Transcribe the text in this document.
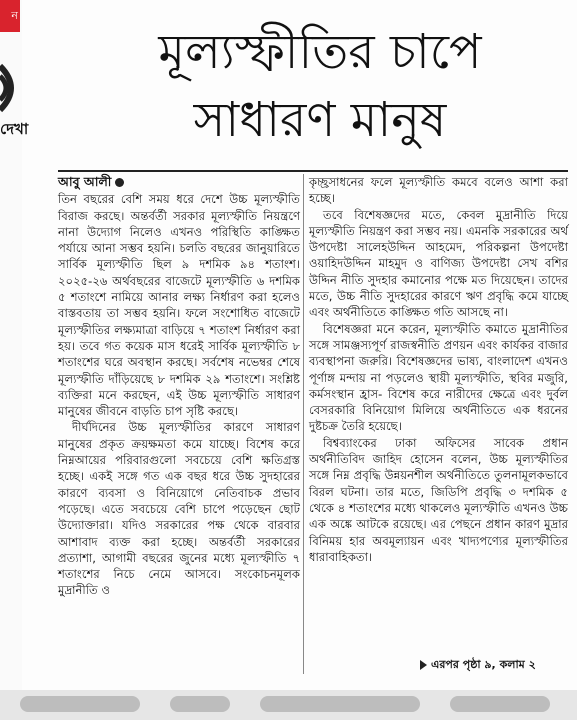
ন
দেখা
মূল্যস্ফীতির চাপে
সাধারণ মানুষ
আবু আলী

তিন বছরের বেশি সময় ধরে দেশে উচ্চ মূল্যস্ফীতি বিরাজ করছে। অন্তর্বর্তী সরকার মূল্যস্ফীতি নিয়ন্ত্রণে নানা উদ্যোগ নিলেও এখনও পরিস্থিতি কাঙ্ক্ষিত পর্যায়ে আনা সম্ভব হয়নি। চলতি বছরের জানুয়ারিতে সার্বিক মূল্যস্ফীতি ছিল ৯ দশমিক ৯৪ শতাংশ। ২০২৫-২৬ অর্থবছরের বাজেটে মূল্যস্ফীতি ৬ দশমিক ৫ শতাংশে নামিয়ে আনার লক্ষ্য নির্ধারণ করা হলেও বাস্তবতায় তা সম্ভব হয়নি। ফলে সংশোধিত বাজেটে মূল্যস্ফীতির লক্ষ্যমাত্রা বাড়িয়ে ৭ শতাংশ নির্ধারণ করা হয়। তবে গত কয়েক মাস ধরেই সার্বিক মূল্যস্ফীতি ৮ শতাংশের ঘরে অবস্থান করছে। সর্বশেষ নভেম্বর শেষে মূল্যস্ফীতি দাঁড়িয়েছে ৮ দশমিক ২৯ শতাংশে। সংশ্লিষ্ট ব্যক্তিরা মনে করছেন, এই উচ্চ মূল্যস্ফীতি সাধারণ মানুষের জীবনে বাড়তি চাপ সৃষ্টি করছে।

দীর্ঘদিনের উচ্চ মূল্যস্ফীতির কারণে সাধারণ মানুষের প্রকৃত ক্রয়ক্ষমতা কমে যাচ্ছে। বিশেষ করে নিম্নআয়ের পরিবারগুলো সবচেয়ে বেশি ক্ষতিগ্রস্ত হচ্ছে। একই সঙ্গে গত এক বছর ধরে উচ্চ সুদহারের কারণে ব্যবসা ও বিনিয়োগে নেতিবাচক প্রভাব পড়েছে। এতে সবচেয়ে বেশি চাপে পড়েছেন ছোট উদ্যোক্তারা। যদিও সরকারের পক্ষ থেকে বারবার আশাবাদ ব্যক্ত করা হচ্ছে। অন্তর্বর্তী সরকারের প্রত্যাশা, আগামী বছরের জুনের মধ্যে মূল্যস্ফীতি ৭ শতাংশের নিচে নেমে আসবে। সংকোচনমূলক মুদ্রানীতি ও

কৃচ্ছ্রসাধনের ফলে মূল্যস্ফীতি কমবে বলেও আশা করা হচ্ছে।

তবে বিশেষজ্ঞদের মতে, কেবল মুদ্রানীতি দিয়ে মূল্যস্ফীতি নিয়ন্ত্রণ করা সম্ভব নয়। এমনকি সরকারের অর্থ উপদেষ্টা সালেহউদ্দিন আহমেদ, পরিকল্পনা উপদেষ্টা ওয়াহিদউদ্দিন মাহমুদ ও বাণিজ্য উপদেষ্টা সেখ বশির উদ্দিন নীতি সুদহার কমানোর পক্ষে মত দিয়েছেন। তাদের মতে, উচ্চ নীতি সুদহারের কারণে ঋণ প্রবৃদ্ধি কমে যাচ্ছে এবং অর্থনীতিতে কাঙ্ক্ষিত গতি আসছে না।

বিশেষজ্ঞরা মনে করেন, মূল্যস্ফীতি কমাতে মুদ্রানীতির সঙ্গে সামঞ্জস্যপূর্ণ রাজস্বনীতি প্রণয়ন এবং কার্যকর বাজার ব্যবস্থাপনা জরুরি। বিশেষজ্ঞদের ভাষ্য, বাংলাদেশ এখনও পূর্ণাঙ্গ মন্দায় না পড়লেও স্থায়ী মূল্যস্ফীতি, স্থবির মজুরি, কর্মসংস্থান হ্রাস- বিশেষ করে নারীদের ক্ষেত্রে এবং দুর্বল বেসরকারি বিনিয়োগ মিলিয়ে অর্থনীতিতে এক ধরনের দুষ্টচক্র তৈরি হয়েছে।

বিশ্বব্যাংকের ঢাকা অফিসের সাবেক প্রধান অর্থনীতিবিদ জাহিদ হোসেন বলেন, উচ্চ মূল্যস্ফীতির সঙ্গে নিম্ন প্রবৃদ্ধি উন্নয়নশীল অর্থনীতিতে তুলনামূলকভাবে বিরল ঘটনা। তার মতে, জিডিপি প্রবৃদ্ধি ৩ দশমিক ৫ থেকে ৪ শতাংশের মধ্যে থাকলেও মূল্যস্ফীতি এখনও উচ্চ এক অঙ্কে আটকে রয়েছে। এর পেছনে প্রধান কারণ মুদ্রার বিনিময় হার অবমূল্যায়ন এবং খাদ্যপণ্যের মূল্যস্ফীতির ধারাবাহিকতা।

এরপর পৃষ্ঠা ৯, কলাম ২
